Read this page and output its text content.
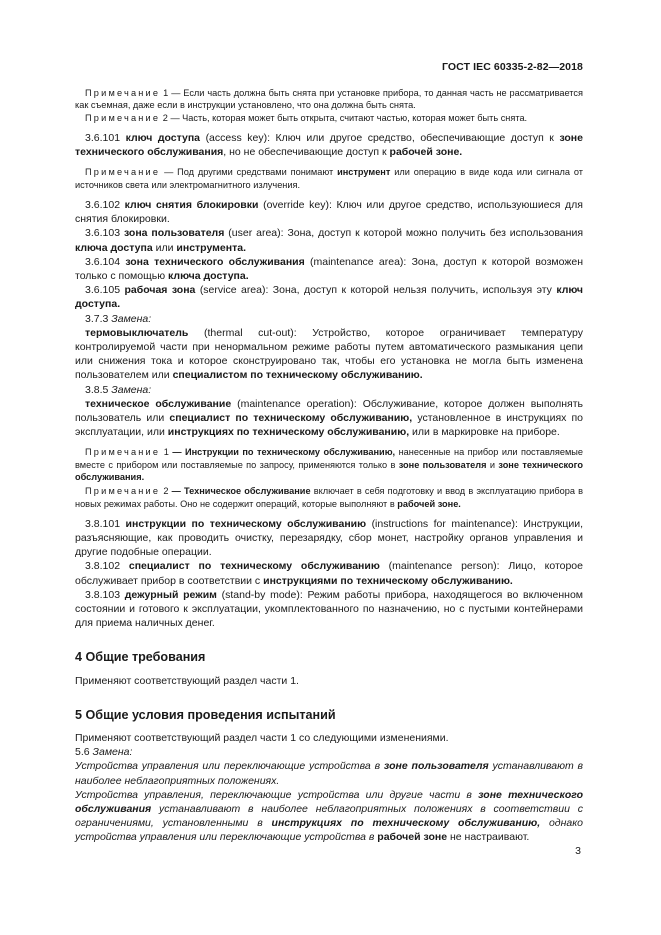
ГОСТ IEC 60335-2-82—2018

Примечание 1 — Если часть должна быть снята при установке прибора, то данная часть не рассматривается как съемная, даже если в инструкции установлено, что она должна быть снята.

Примечание 2 — Часть, которая может быть открыта, считают частью, которая может быть снята.

3.6.101 ключ доступа (access key): Ключ или другое средство, обеспечивающие доступ к зоне технического обслуживания, но не обеспечивающие доступ к рабочей зоне.

Примечание — Под другими средствами понимают инструмент или операцию в виде кода или сигнала от источников света или электромагнитного излучения.

3.6.102 ключ снятия блокировки (override key): Ключ или другое средство, используюшиеся для снятия блокировки.

3.6.103 зона пользователя (user area): Зона, доступ к которой можно получить без использования ключа доступа или инструмента.

3.6.104 зона технического обслуживания (maintenance area): Зона, доступ к которой возможен только с помощью ключа доступа.

3.6.105 рабочая зона (service area): Зона, доступ к которой нельзя получить, используя эту ключ доступа.

3.7.3 Замена:

термовыключатель (thermal cut-out): Устройство, которое ограничивает температуру контролируемой части при ненормальном режиме работы путем автоматического размыкания цепи или снижения тока и которое сконструировано так, чтобы его установка не могла быть изменена пользователем или специалистом по техническому обслуживанию.

3.8.5 Замена:

техническое обслуживание (maintenance operation): Обслуживание, которое должен выполнять пользователь или специалист по техническому обслуживанию, установленное в инструкциях по эксплуатации, или инструкциях по техническому обслуживанию, или в маркировке на приборе.

Примечание 1 — Инструкции по техническому обслуживанию, нанесенные на прибор или поставляемые вместе с прибором или поставляемые по запросу, применяются только в зоне пользователя и зоне технического обслуживания.

Примечание 2 — Техническое обслуживание включает в себя подготовку и ввод в эксплуатацию прибора в новых режимах работы. Оно не содержит операций, которые выполняют в рабочей зоне.

3.8.101 инструкции по техническому обслуживанию (instructions for maintenance): Инструкции, разъясняющие, как проводить очистку, перезарядку, сбор монет, настройку органов управления и другие подобные операции.

3.8.102 специалист по техническому обслуживанию (maintenance person): Лицо, которое обслуживает прибор в соответствии с инструкциями по техническому обслуживанию.

3.8.103 дежурный режим (stand-by mode): Режим работы прибора, находящегося во включенном состоянии и готового к эксплуатации, укомплектованного по назначению, но с пустыми контейнерами для приема наличных денег.

4 Общие требования

Применяют соответствующий раздел части 1.

5 Общие условия проведения испытаний

Применяют соответствующий раздел части 1 со следующими изменениями.

5.6 Замена:

Устройства управления или переключающие устройства в зоне пользователя устанавливают в наиболее неблагоприятных положениях.

Устройства управления, переключающие устройства или другие части в зоне технического обслуживания устанавливают в наиболее неблагоприятных положениях в соответствии с ограничениями, установленными в инструкциях по техническому обслуживанию, однако устройства управления или переключающие устройства в рабочей зоне не настраивают.

3
